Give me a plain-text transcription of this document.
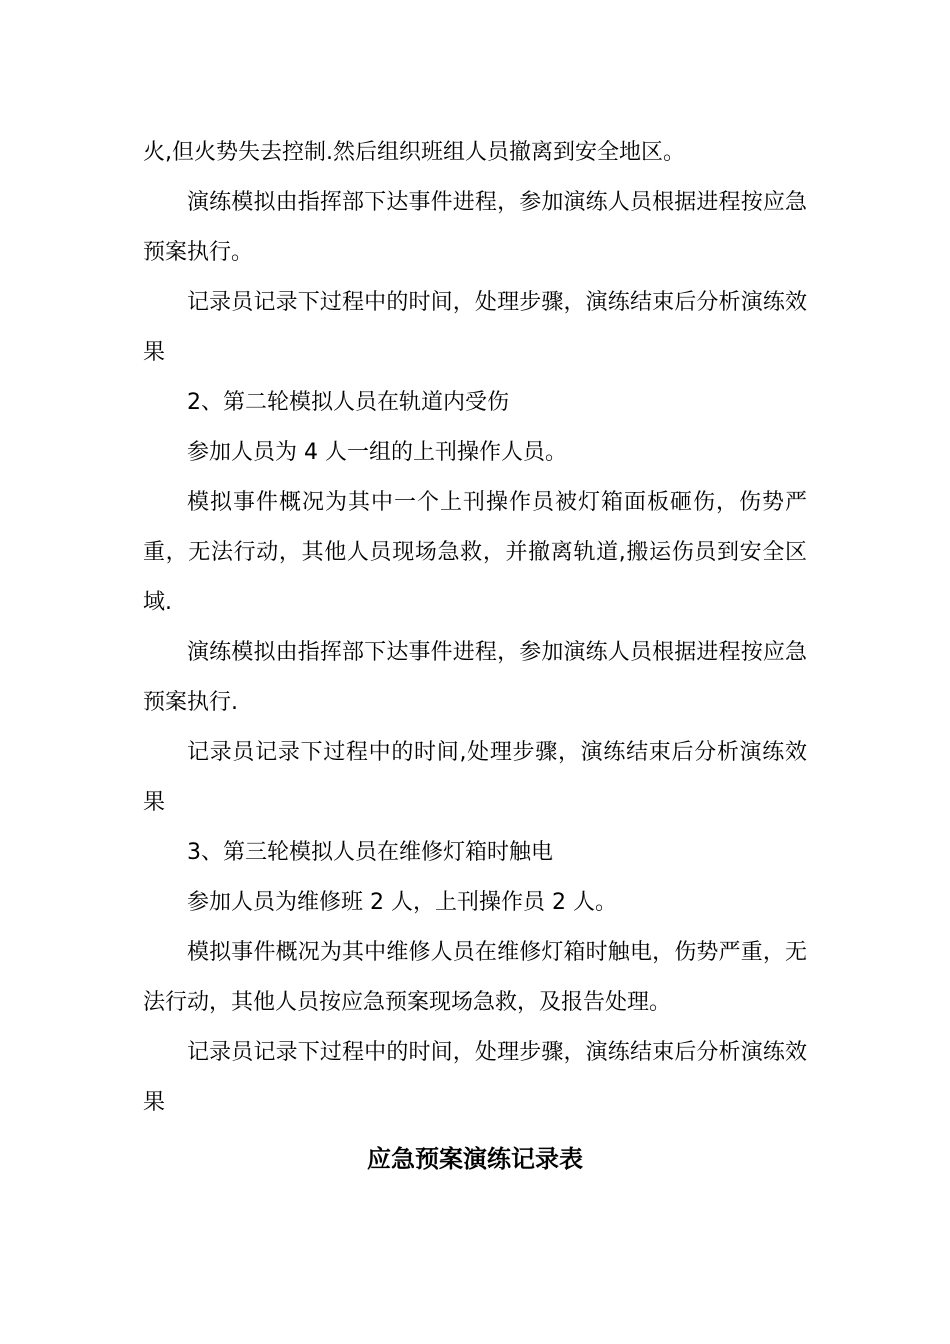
火,但火势失去控制.然后组织班组人员撤离到安全地区。

演练模拟由指挥部下达事件进程，参加演练人员根据进程按应急预案执行。

记录员记录下过程中的时间，处理步骤，演练结束后分析演练效果

2、第二轮模拟人员在轨道内受伤

参加人员为 4 人一组的上刊操作人员。

模拟事件概况为其中一个上刊操作员被灯箱面板砸伤，伤势严重，无法行动，其他人员现场急救，并撤离轨道,搬运伤员到安全区域.

演练模拟由指挥部下达事件进程，参加演练人员根据进程按应急预案执行.

记录员记录下过程中的时间,处理步骤，演练结束后分析演练效果

3、第三轮模拟人员在维修灯箱时触电

参加人员为维修班 2 人，上刊操作员 2 人。

模拟事件概况为其中维修人员在维修灯箱时触电，伤势严重，无法行动，其他人员按应急预案现场急救，及报告处理。

记录员记录下过程中的时间，处理步骤，演练结束后分析演练效果

应急预案演练记录表
